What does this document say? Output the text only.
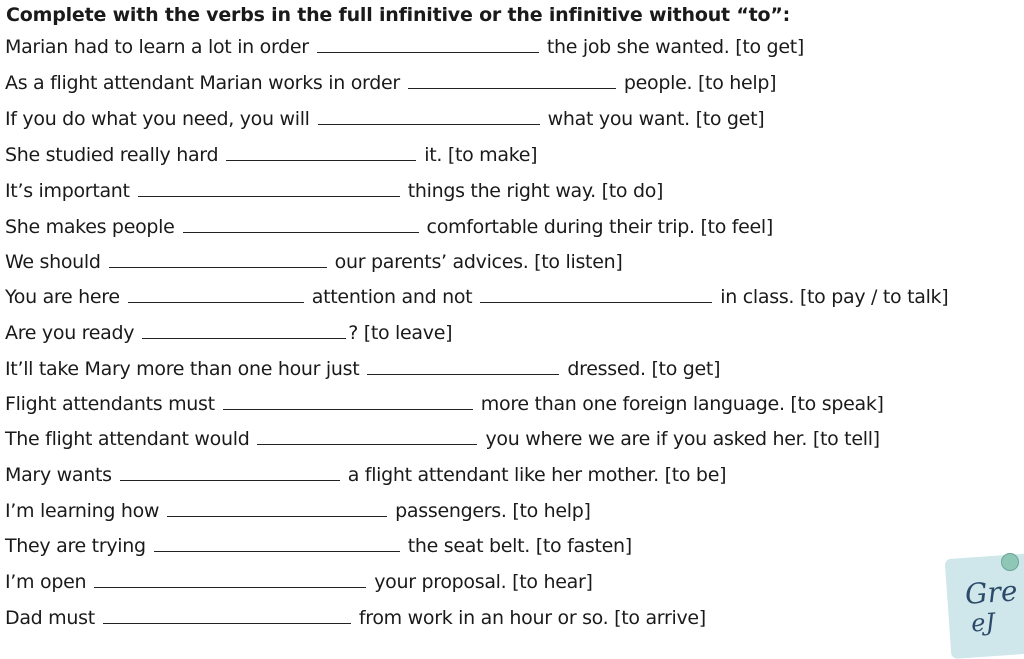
Complete with the verbs in the full infinitive or the infinitive without “to”:
Marian had to learn a lot in order	the job she wanted. [to get]
As a flight attendant Marian works in order	people. [to help]
If you do what you need, you will	what you want. [to get]
She studied really hard	it. [to make]
It’s important	things the right way. [to do]
She makes people	comfortable during their trip. [to feel]
We should	our parents’ advices. [to listen]
You are here	attention and not	in class. [to pay / to talk]
Are you ready	? [to leave]
It’ll take Mary more than one hour just	dressed. [to get]
Flight attendants must	more than one foreign language. [to speak]
The flight attendant would	you where we are if you asked her. [to tell]
Mary wants	a flight attendant like her mother. [to be]
I’m learning how	passengers. [to help]
They are trying	the seat belt. [to fasten]
I’m open	your proposal. [to hear]
Dad must	from work in an hour or so. [to arrive]
Gre
eJ
